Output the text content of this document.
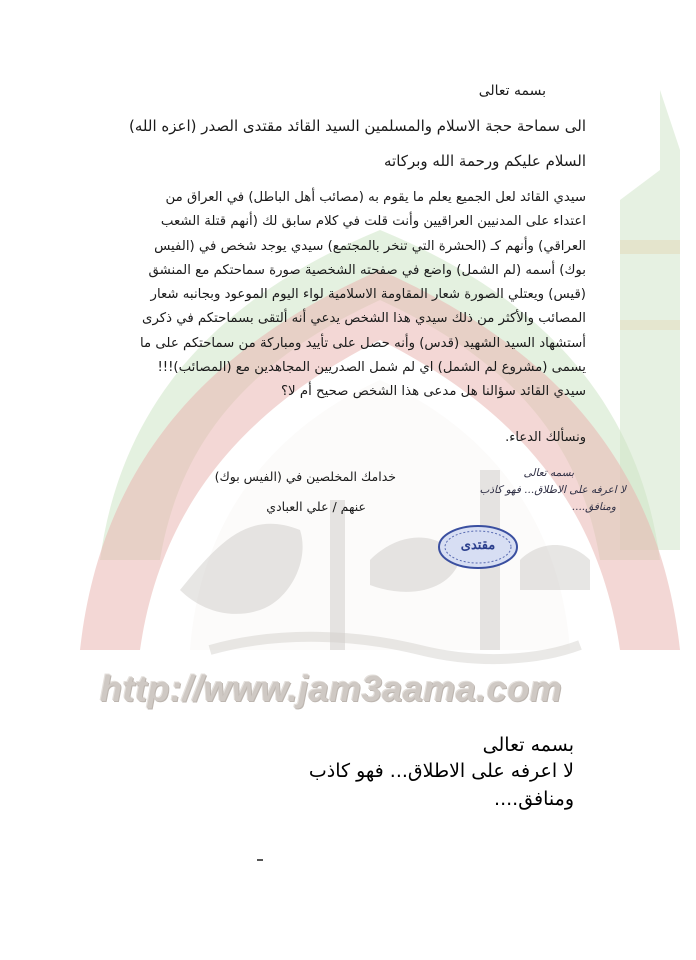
http://www.jam3aama.com
بسمه تعالى
الى سماحة حجة الاسلام والمسلمين السيد القائد مقتدى الصدر (اعزه الله)
السلام عليكم ورحمة الله وبركاته
سيدي القائد لعل الجميع يعلم ما يقوم به (مصائب أهل الباطل) في العراق من
اعتداء على المدنيين العراقيين وأنت قلت في كلام سابق لك (أنهم قتلة الشعب
العراقي) وأنهم كـ (الحشرة التي تنخر بالمجتمع) سيدي يوجد شخص في (الفيس
بوك) أسمه (لم الشمل) واضع في صفحته الشخصية صورة سماحتكم مع المنشق
(قيس) ويعتلي الصورة شعار المقاومة الاسلامية لواء اليوم الموعود وبجانبه شعار
المصائب والأكثر من ذلك سيدي هذا الشخص يدعي أنه ألتقى بسماحتكم في ذكرى
أستشهاد السيد الشهيد (قدس) وأنه حصل على تأييد ومباركة من سماحتكم على ما
يسمى (مشروع لم الشمل) اي لم شمل الصدريين المجاهدين مع (المصائب)!!!
سيدي القائد سؤالنا هل مدعى هذا الشخص صحيح أم لا؟
ونسألك الدعاء.
خدامك المخلصين في (الفيس بوك)
عنهم / علي العبادي
بسمه تعالى
لا اعرفه على الاطلاق... فهو كاذب
ومنافق....
مقتدى
بسمه تعالى
لا اعرفه على الاطلاق... فهو كاذب
ومنافق....
